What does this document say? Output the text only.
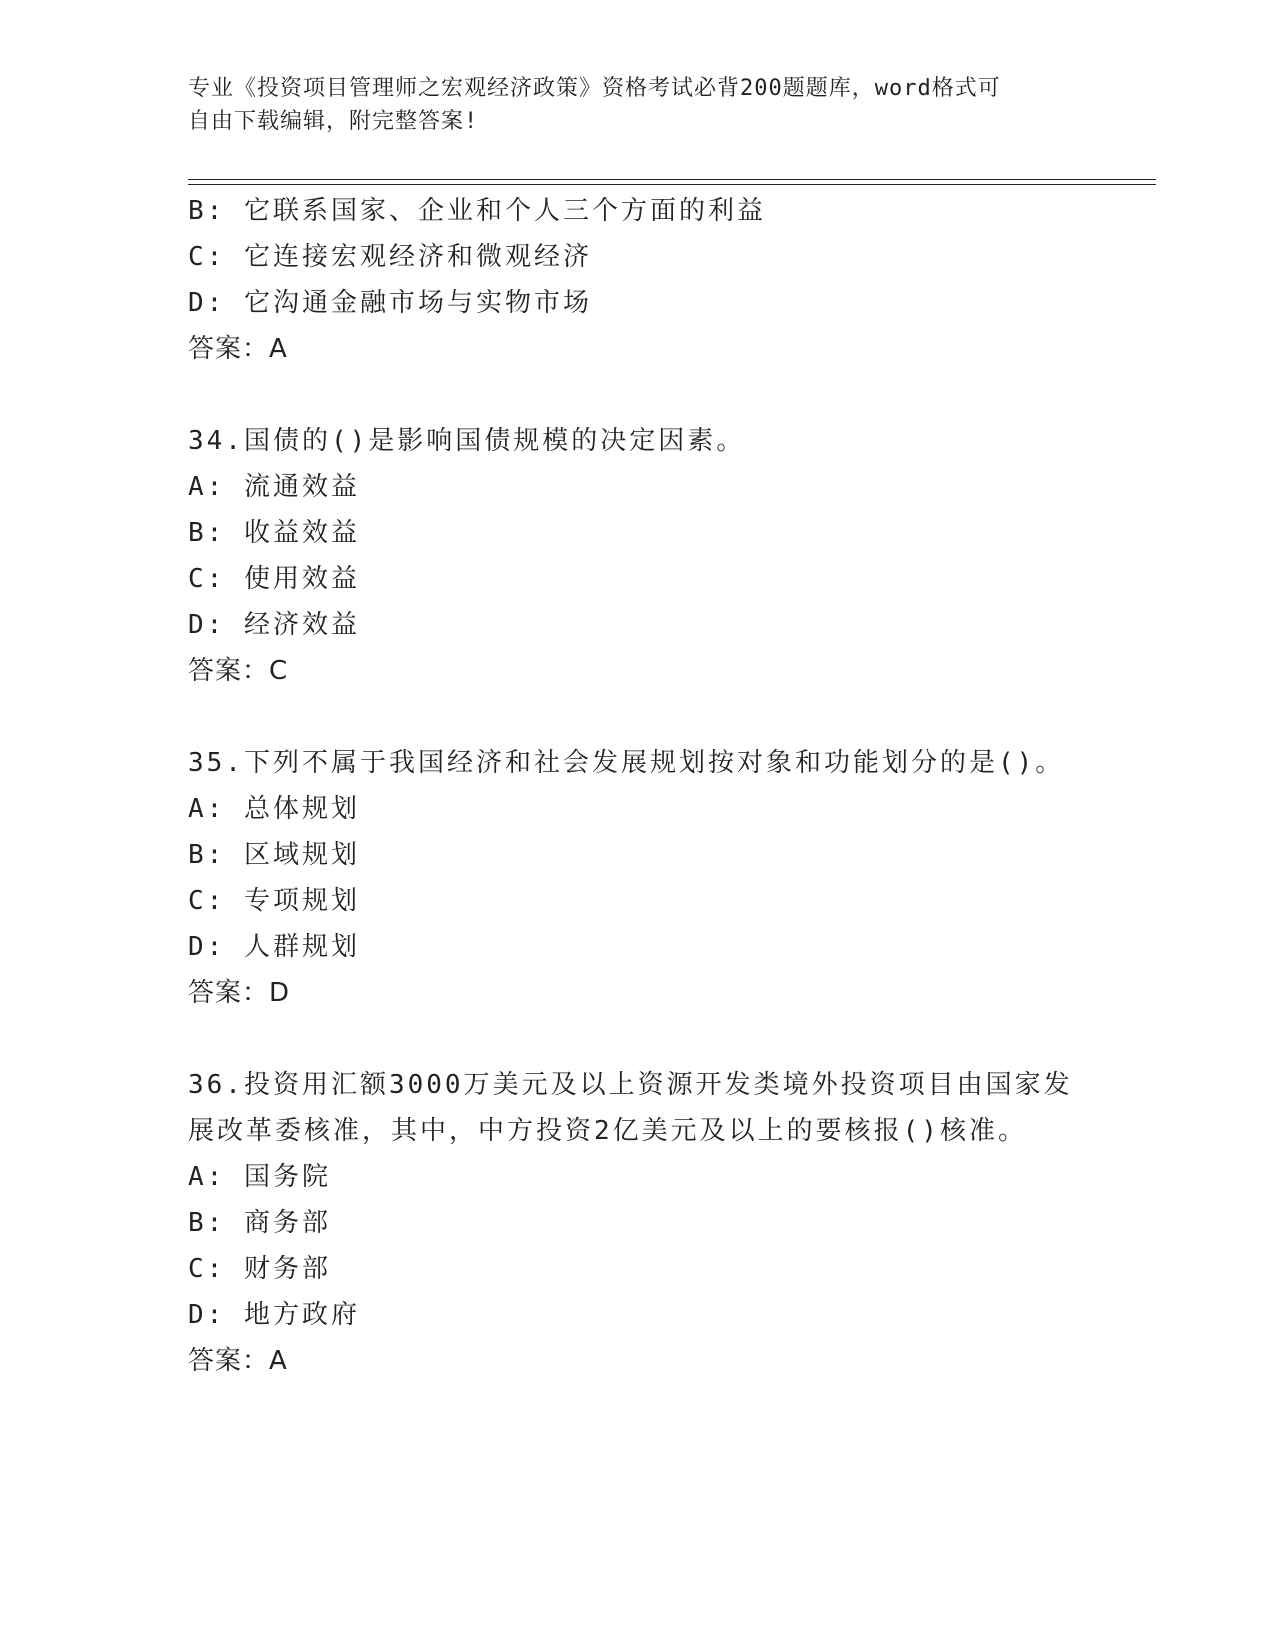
专业《投资项目管理师之宏观经济政策》资格考试必背200题题库，word格式可
自由下载编辑，附完整答案!
B: 它联系国家、企业和个人三个方面的利益
C: 它连接宏观经济和微观经济
D: 它沟通金融市场与实物市场
答案：A
34.国债的()是影响国债规模的决定因素。
A: 流通效益
B: 收益效益
C: 使用效益
D: 经济效益
答案：C
35.下列不属于我国经济和社会发展规划按对象和功能划分的是()。
A: 总体规划
B: 区域规划
C: 专项规划
D: 人群规划
答案：D
36.投资用汇额3000万美元及以上资源开发类境外投资项目由国家发
展改革委核准，其中，中方投资2亿美元及以上的要核报()核准。
A: 国务院
B: 商务部
C: 财务部
D: 地方政府
答案：A
